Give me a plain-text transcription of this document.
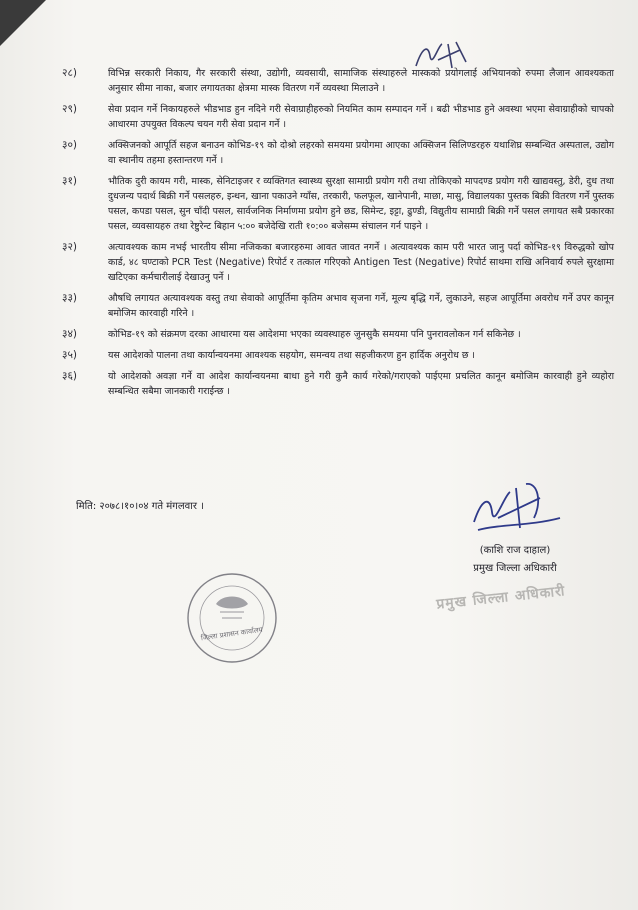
२८)	विभिन्न सरकारी निकाय, गैर सरकारी संस्था, उद्योगी, व्यवसायी, सामाजिक संस्थाहरुले मास्कको प्रयोगलाई अभियानको रुपमा लैजान आवश्यकता अनुसार सीमा नाका, बजार लगायतका क्षेत्रमा मास्क वितरण गर्ने व्यवस्था मिलाउने ।
२९)	सेवा प्रदान गर्ने निकायहरुले भीडभाड हुन नदिने गरी सेवाग्राहीहरुको नियमित काम सम्पादन गर्ने । बढी भीडभाड हुने अवस्था भएमा सेवाग्राहीको चापको आधारमा उपयुक्त विकल्प चयन गरी सेवा प्रदान गर्ने ।
३०)	अक्सिजनको आपूर्ति सहज बनाउन कोभिड-१९ को दोश्रो लहरको समयमा प्रयोगमा आएका अक्सिजन सिलिण्डरहरु यथाशिघ्र सम्बन्धित अस्पताल, उद्योग वा स्थानीय तहमा हस्तान्तरण गर्ने ।
३१)	भौतिक दुरी कायम गरी, मास्क, सेनिटाइजर र व्यक्तिगत स्वास्थ्य सुरक्षा सामाग्री प्रयोग गरी तथा तोकिएको मापदण्ड प्रयोग गरी खाद्यवस्तु, डेरी, दुध तथा दुधजन्य पदार्थ बिक्री गर्ने पसलहरु, इन्धन, खाना पकाउने ग्याँस, तरकारी, फलफूल, खानेपानी, माछा, मासु, विद्यालयका पुस्तक बिक्री वितरण गर्ने पुस्तक पसल, कपडा पसल, सुन चाँदी पसल, सार्वजनिक निर्माणमा प्रयोग हुने छड, सिमेन्ट, इट्टा, ढुण्डी, विद्युतीय सामाग्री बिक्री गर्ने पसल लगायत सबै प्रकारका पसल, व्यवसायहरु तथा रेष्टुरेन्ट बिहान ५:०० बजेदेखि राती १०:०० बजेसम्म संचालन गर्न पाइने ।
३२)	अत्यावश्यक काम नभई भारतीय सीमा नजिकका बजारहरुमा आवत जावत नगर्ने । अत्यावश्यक काम परी भारत जानु पर्दा कोभिड-१९ विरुद्धको खोप कार्ड, ४८ घण्टाको PCR Test (Negative) रिपोर्ट र तत्काल गरिएको Antigen Test (Negative) रिपोर्ट साथमा राखि अनिवार्य रुपले सुरक्षामा खटिएका कर्मचारीलाई देखाउनु पर्ने ।
३३)	औषधि लगायत अत्यावश्यक वस्तु तथा सेवाको आपूर्तिमा कृतिम अभाव सृजना गर्ने, मूल्य बृद्धि गर्ने, लुकाउने, सहज आपूर्तिमा अवरोध गर्ने उपर कानून बमोजिम कारवाही गरिने ।
३४)	कोभिड-१९ को संक्रमण दरका आधारमा यस आदेशमा भएका व्यवस्थाहरु जुनसुकै समयमा पनि पुनरावलोकन गर्न सकिनेछ ।
३५)	यस आदेशको पालना तथा कार्यान्वयनमा आवश्यक सहयोग, समन्वय तथा सहजीकरण हुन हार्दिक अनुरोध छ ।
३६)	यो आदेशको अवज्ञा गर्ने वा आदेश कार्यान्वयनमा बाधा हुने गरी कुनै कार्य गरेको/गराएको पाईएमा प्रचलित कानून बमोजिम कारवाही हुने व्यहोरा सम्बन्धित सबैमा जानकारी गराईन्छ ।
मिति: २०७८।१०।०४ गते मंगलवार ।
(काशि राज दाहाल)
प्रमुख जिल्ला अधिकारी
प्रमुख जिल्ला अधिकारी
जिल्ला प्रशासन कार्यालय
